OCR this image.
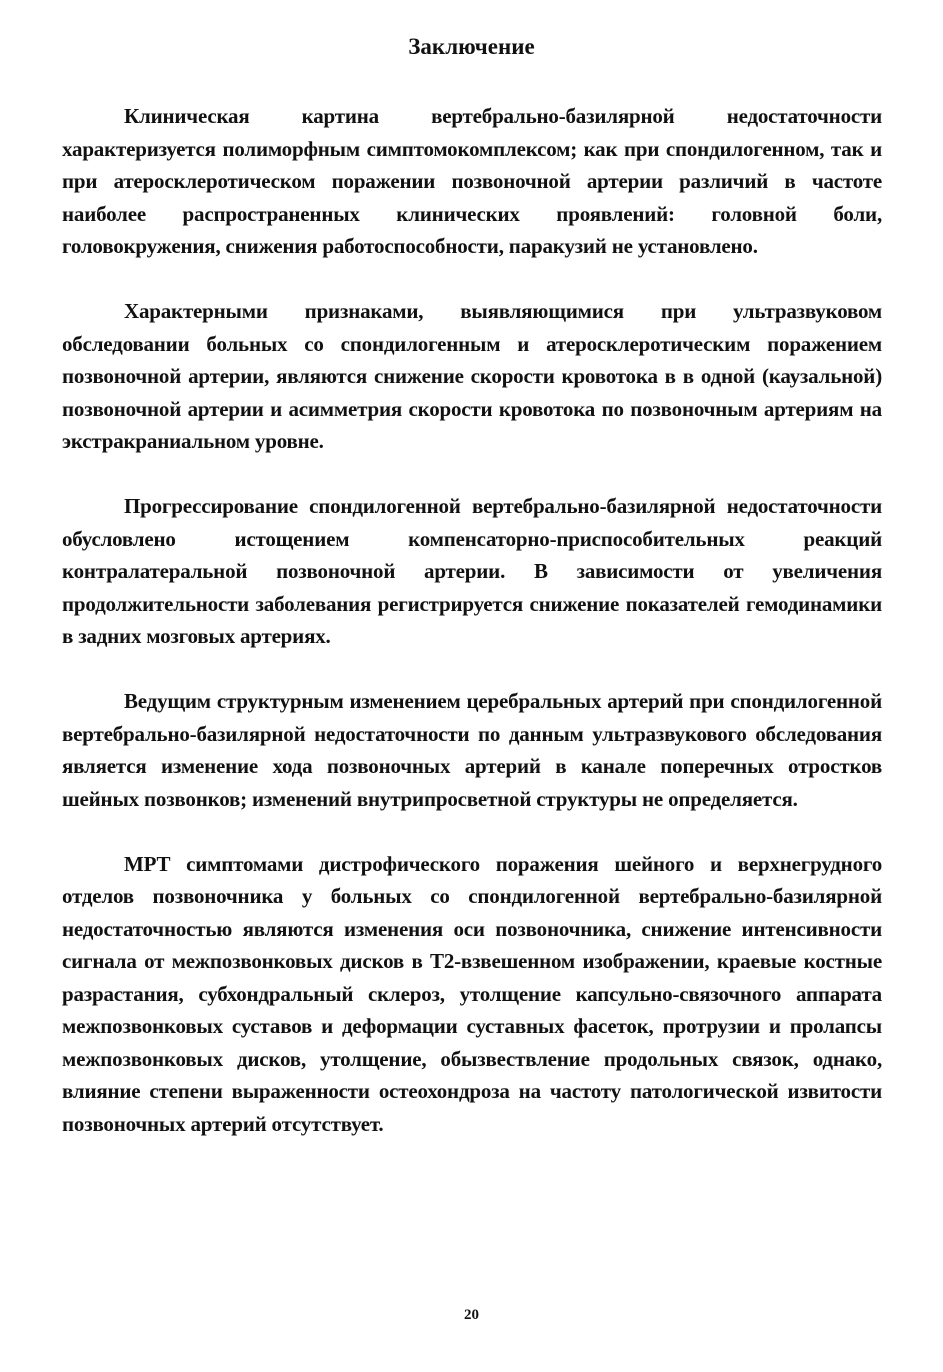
Заключение

Клиническая картина вертебрально-базилярной недостаточности характеризуется полиморфным симптомокомплексом; как при спондилогенном, так и при атеросклеротическом поражении позвоночной артерии различий в частоте наиболее распространенных клинических проявлений: головной боли, головокружения, снижения работоспособности, паракузий не установлено.

Характерными признаками, выявляющимися при ультразвуковом обследовании больных со спондилогенным и атеросклеротическим поражением позвоночной артерии, являются снижение скорости кровотока в в одной (каузальной) позвоночной артерии и асимметрия скорости кровотока по позвоночным артериям на экстракраниальном уровне.

Прогрессирование спондилогенной вертебрально-базилярной недостаточности обусловлено истощением компенсаторно-приспособительных реакций контралатеральной позвоночной артерии. В зависимости от увеличения продолжительности заболевания регистрируется снижение показателей гемодинамики в задних мозговых артериях.

Ведущим структурным изменением церебральных артерий при спондилогенной вертебрально-базилярной недостаточности по данным ультразвукового обследования является изменение хода позвоночных артерий в канале поперечных отростков шейных позвонков; изменений внутрипросветной структуры не определяется.

МРТ симптомами дистрофического поражения шейного и верхнегрудного отделов позвоночника у больных со спондилогенной вертебрально-базилярной недостаточностью являются изменения оси позвоночника, снижение интенсивности сигнала от межпозвонковых дисков в Т2-взвешенном изображении, краевые костные разрастания, субхондральный склероз, утолщение капсульно-связочного аппарата межпозвонковых суставов и деформации суставных фасеток, протрузии и пролапсы межпозвонковых дисков, утолщение, обызвествление продольных связок, однако, влияние степени выраженности остеохондроза на частоту патологической извитости позвоночных артерий отсутствует.

20
